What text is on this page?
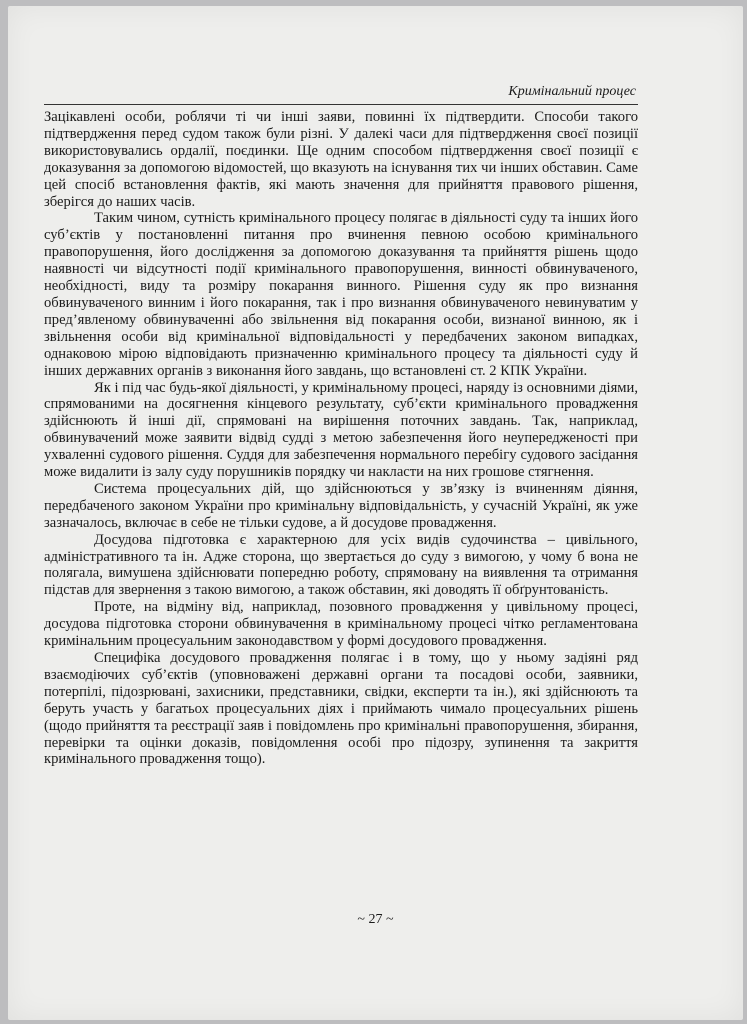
Кримінальний процес

Зацікавлені особи, роблячи ті чи інші заяви, повинні їх підтвердити. Способи такого підтвердження перед судом також були різні. У далекі часи для підтвердження своєї позиції використовувались ордалії, поєдинки. Ще одним способом підтвердження своєї позиції є доказування за допомогою відомостей, що вказують на існування тих чи інших обставин. Саме цей спосіб встановлення фактів, які мають значення для прийняття правового рішення, зберігся до наших часів.

Таким чином, сутність кримінального процесу полягає в діяльності суду та інших його суб’єктів у постановленні питання про вчинення певною особою кримінального правопорушення, його дослідження за допомогою доказування та прийняття рішень щодо наявності чи відсутності події кримінального правопорушення, винності обвинуваченого, необхідності, виду та розміру покарання винного. Рішення суду як про визнання обвинуваченого винним і його покарання, так і про визнання обвинуваченого невинуватим у пред’явленому обвинуваченні або звільнення від покарання особи, визнаної винною, як і звільнення особи від кримінальної відповідальності у передбачених законом випадках, однаковою мірою відповідають призначенню кримінального процесу та діяльності суду й інших державних органів з виконання його завдань, що встановлені ст. 2 КПК України.

Як і під час будь-якої діяльності, у кримінальному процесі, наряду із основними діями, спрямованими на досягнення кінцевого результату, суб’єкти кримінального провадження здійснюють й інші дії, спрямовані на вирішення поточних завдань. Так, наприклад, обвинувачений може заявити відвід судді з метою забезпечення його неупередженості при ухваленні судового рішення. Суддя для забезпечення нормального перебігу судового засідання може видалити із залу суду порушників порядку чи накласти на них грошове стягнення.

Система процесуальних дій, що здійснюються у зв’язку із вчиненням діяння, передбаченого законом України про кримінальну відповідальність, у сучасній Україні, як уже зазначалось, включає в себе не тільки судове, а й досудове провадження.

Досудова підготовка є характерною для усіх видів судочинства – цивільного, адміністративного та ін. Адже сторона, що звертається до суду з вимогою, у чому б вона не полягала, вимушена здійснювати попередню роботу, спрямовану на виявлення та отримання підстав для звернення з такою вимогою, а також обставин, які доводять її обґрунтованість.

Проте, на відміну від, наприклад, позовного провадження у цивільному процесі, досудова підготовка сторони обвинувачення в кримінальному процесі чітко регламентована кримінальним процесуальним законодавством у формі досудового провадження.

Специфіка досудового провадження полягає і в тому, що у ньому задіяні ряд взаємодіючих суб’єктів (уповноважені державні органи та посадові особи, заявники, потерпілі, підозрювані, захисники, представники, свідки, експерти та ін.), які здійснюють та беруть участь у багатьох процесуальних діях і приймають чимало процесуальних рішень (щодо прийняття та реєстрації заяв і повідомлень про кримінальні правопорушення, збирання, перевірки та оцінки доказів, повідомлення особі про підозру, зупинення та закриття кримінального провадження тощо).

~ 27 ~
